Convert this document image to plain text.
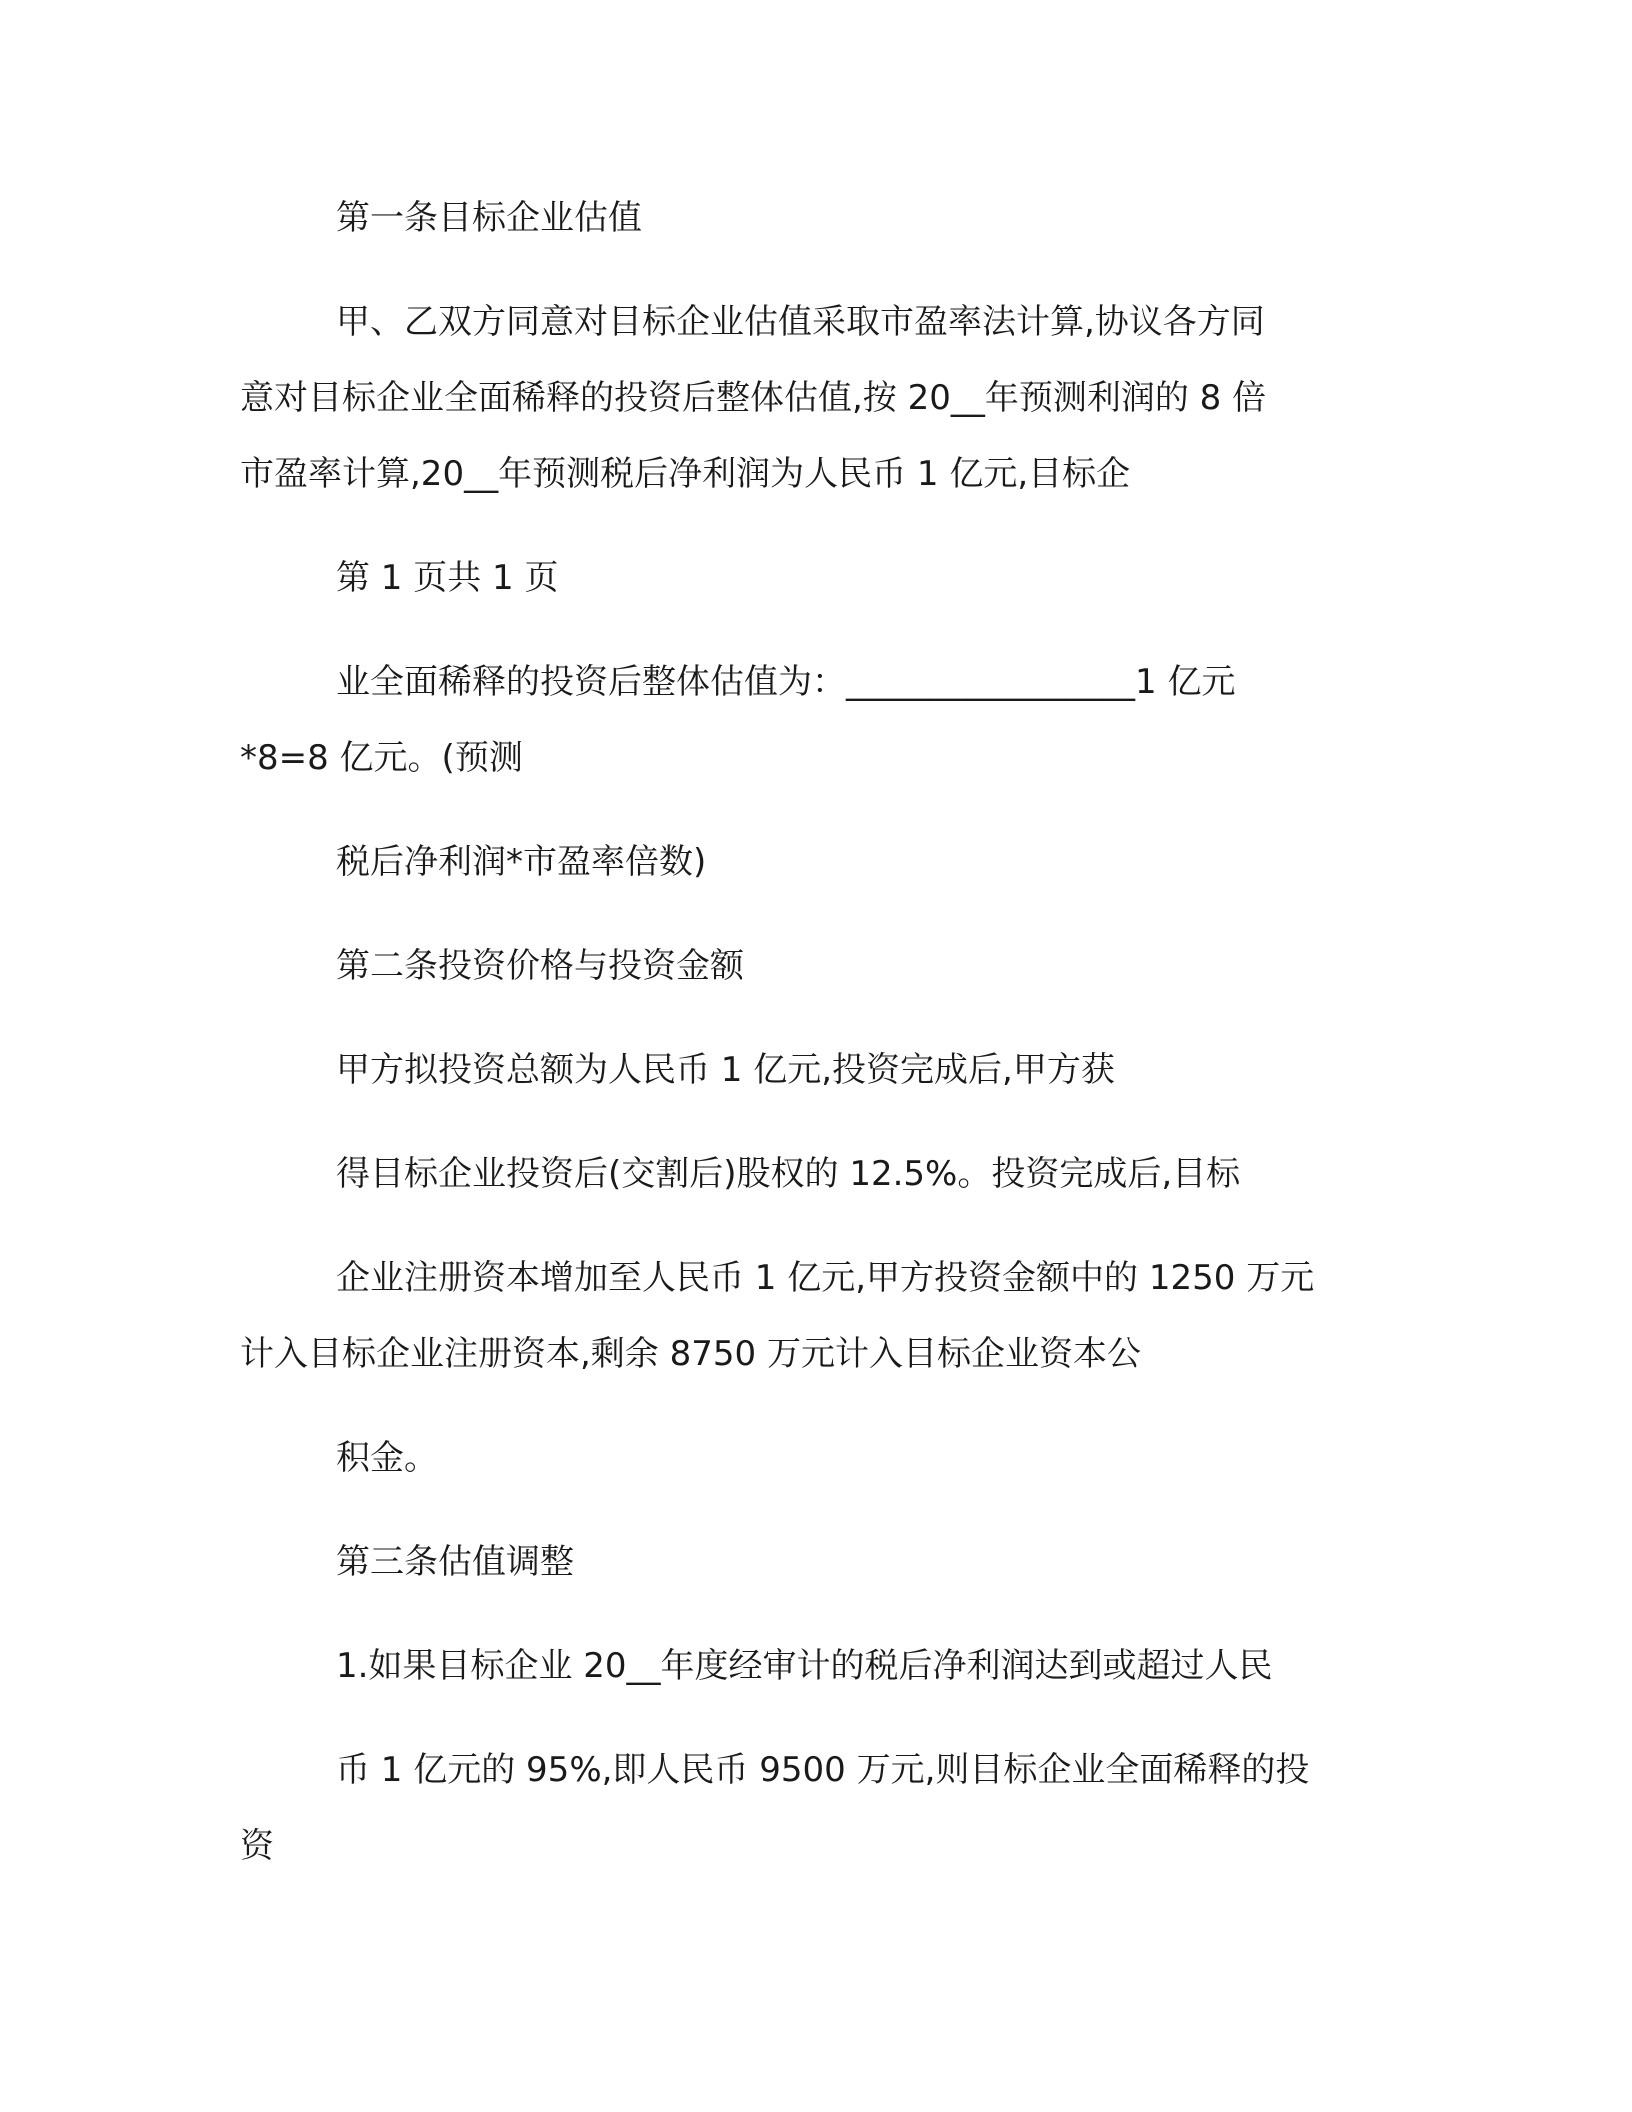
第一条目标企业估值
甲、乙双方同意对目标企业估值采取市盈率法计算,协议各方同
意对目标企业全面稀释的投资后整体估值,按 20__年预测利润的 8 倍
市盈率计算,20__年预测税后净利润为人民币 1 亿元,目标企
第 1 页共 1 页
业全面稀释的投资后整体估值为：_________________1 亿元
*8=8 亿元。(预测
税后净利润*市盈率倍数)
第二条投资价格与投资金额
甲方拟投资总额为人民币 1 亿元,投资完成后,甲方获
得目标企业投资后(交割后)股权的 12.5%。投资完成后,目标
企业注册资本增加至人民币 1 亿元,甲方投资金额中的 1250 万元
计入目标企业注册资本,剩余 8750 万元计入目标企业资本公
积金。
第三条估值调整
1.如果目标企业 20__年度经审计的税后净利润达到或超过人民
币 1 亿元的 95%,即人民币 9500 万元,则目标企业全面稀释的投
资
